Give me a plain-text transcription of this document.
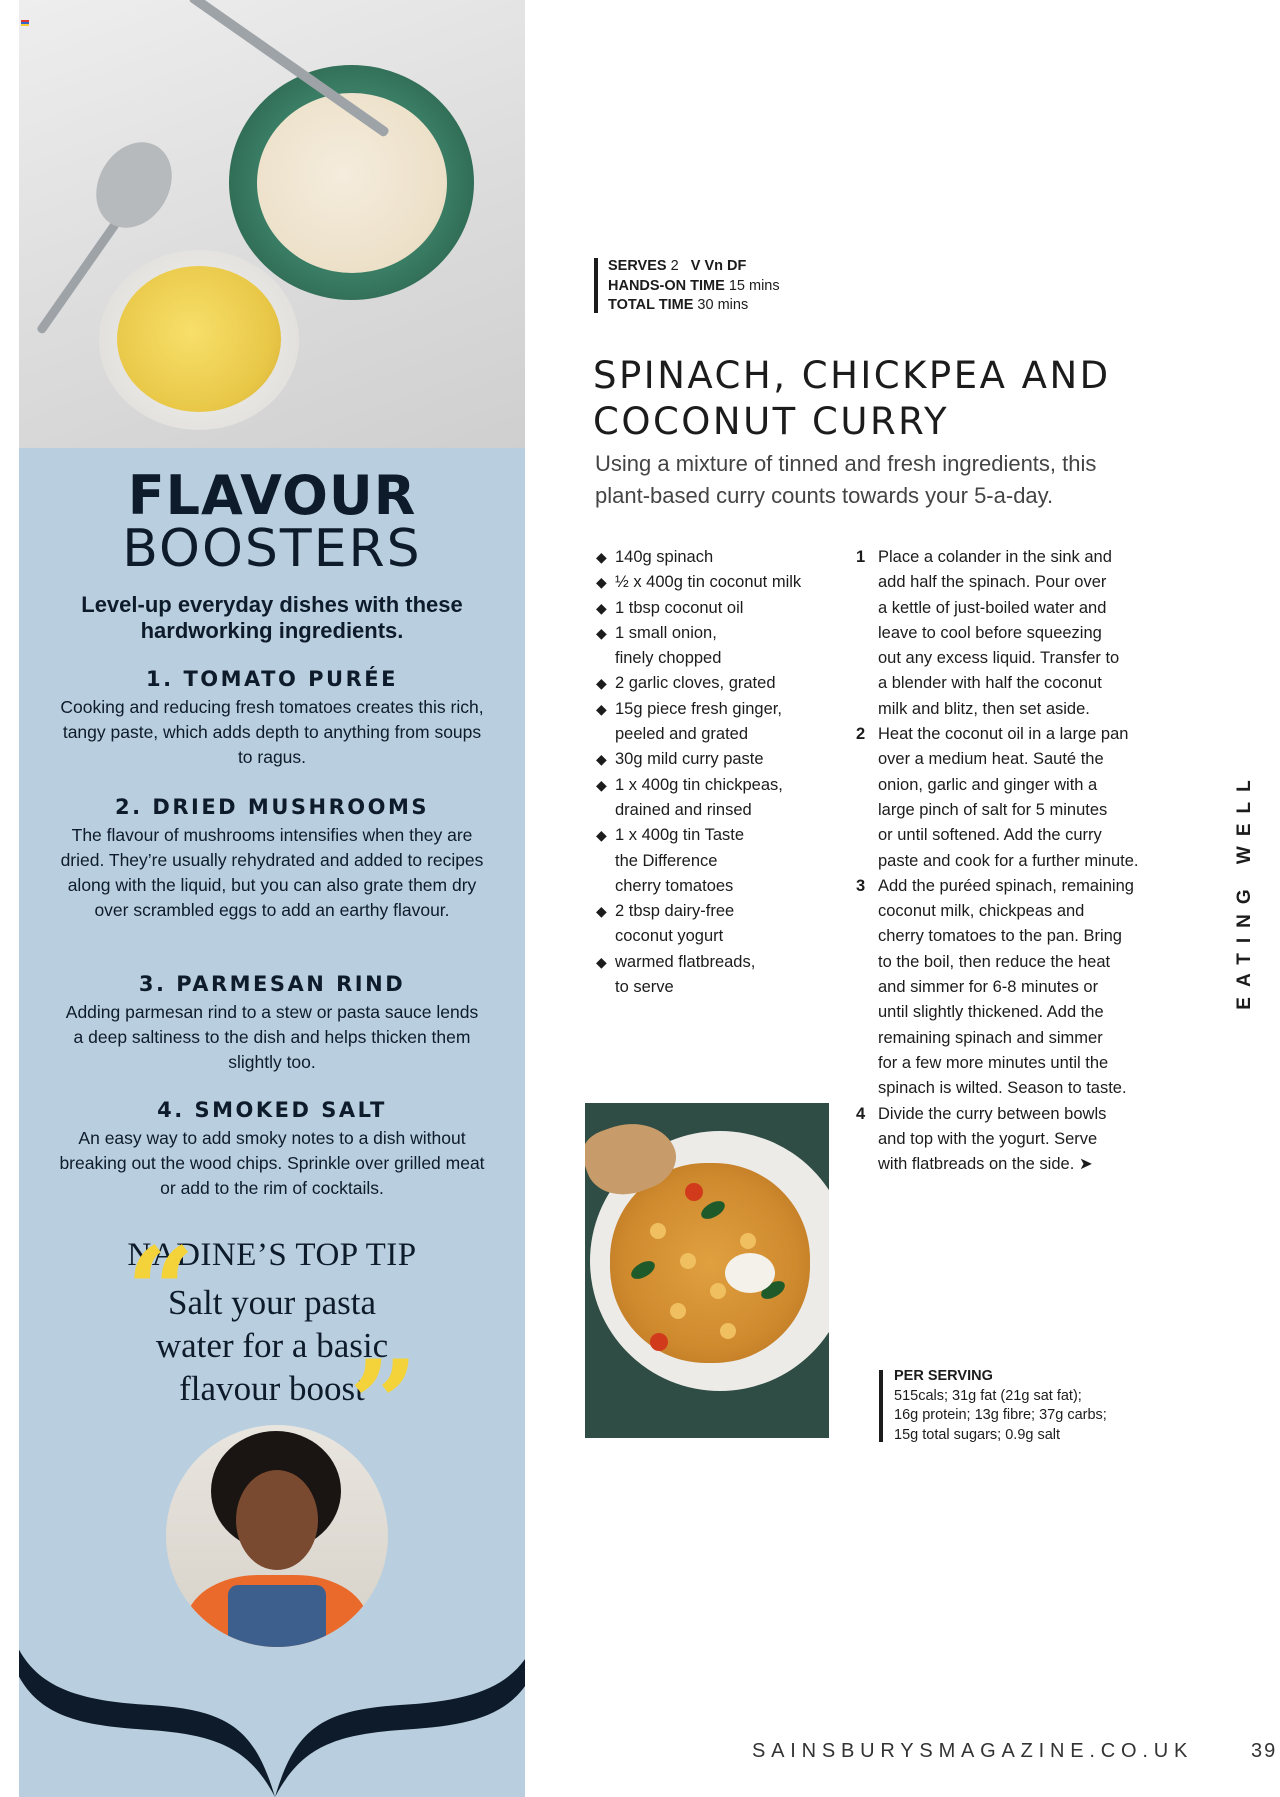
FLAVOUR
BOOSTERS
Level-up everyday dishes with these hardworking ingredients.
1. TOMATO PURÉE
Cooking and reducing fresh tomatoes creates this rich, tangy paste, which adds depth to anything from soups to ragus.
2. DRIED MUSHROOMS
The flavour of mushrooms intensifies when they are dried. They’re usually rehydrated and added to recipes along with the liquid, but you can also grate them dry over scrambled eggs to add an earthy flavour.
3. PARMESAN RIND
Adding parmesan rind to a stew or pasta sauce lends a deep saltiness to the dish and helps thicken them slightly too.
4. SMOKED SALT
An easy way to add smoky notes to a dish without breaking out the wood chips. Sprinkle over grilled meat or add to the rim of cocktails.
NADINE’S TOP TIP
“
Salt your pasta
water for a basic
flavour boost
”
SERVES 2 V Vn DF
HANDS-ON TIME 15 mins
TOTAL TIME 30 mins
SPINACH, CHICKPEA AND
COCONUT CURRY
Using a mixture of tinned and fresh ingredients, this
plant-based curry counts towards your 5-a-day.
◆ 140g spinach
◆ ½ x 400g tin coconut milk
◆ 1 tbsp coconut oil
◆ 1 small onion,
finely chopped
◆ 2 garlic cloves, grated
◆ 15g piece fresh ginger,
peeled and grated
◆ 30g mild curry paste
◆ 1 x 400g tin chickpeas,
drained and rinsed
◆ 1 x 400g tin Taste
the Difference
cherry tomatoes
◆ 2 tbsp dairy-free
coconut yogurt
◆ warmed flatbreads,
to serve
1 Place a colander in the sink and
add half the spinach. Pour over
a kettle of just-boiled water and
leave to cool before squeezing
out any excess liquid. Transfer to
a blender with half the coconut
milk and blitz, then set aside.
2 Heat the coconut oil in a large pan
over a medium heat. Sauté the
onion, garlic and ginger with a
large pinch of salt for 5 minutes
or until softened. Add the curry
paste and cook for a further minute.
3 Add the puréed spinach, remaining
coconut milk, chickpeas and
cherry tomatoes to the pan. Bring
to the boil, then reduce the heat
and simmer for 6-8 minutes or
until slightly thickened. Add the
remaining spinach and simmer
for a few more minutes until the
spinach is wilted. Season to taste.
4 Divide the curry between bowls
and top with the yogurt. Serve
with flatbreads on the side. ➤
PER SERVING
515cals; 31g fat (21g sat fat);
16g protein; 13g fibre; 37g carbs;
15g total sugars; 0.9g salt
EATING WELL
SAINSBURYSMAGAZINE.CO.UK	39
